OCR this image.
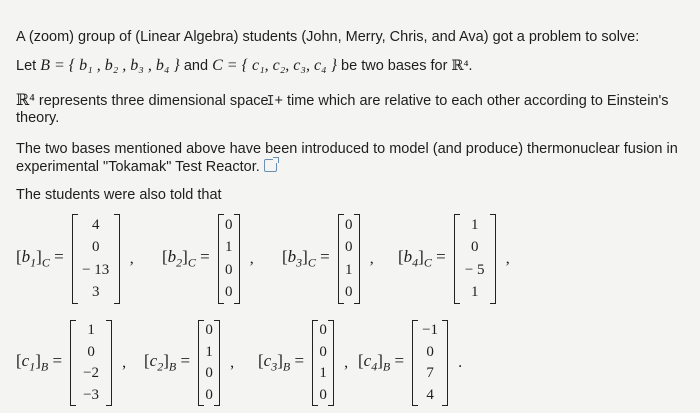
A (zoom) group of (Linear Algebra) students (John, Merry, Chris, and Ava) got a problem to solve:
Let B = { b₁ , b₂ , b₃ , b₄ } and C = { c₁, c₂, c₃, c₄ } be two bases for ℝ⁴.
ℝ⁴ represents three dimensional spaceI+ time which are relative to each other according to Einstein's
theory.
The two bases mentioned above have been introduced to model (and produce) thermonuclear fusion in
experimental "Tokamak" Test Reactor.
The students were also told that
$[b_1]_C$ =
4
0
− 13
3
, $[b_2]_C$ =
0
1
0
0
, $[b_3]_C$ =
0
0
1
0
, $[b_4]_C$ =
1
0
− 5
1
,
$[c_1]_B$ =
1
0
−2
−3
, $[c_2]_B$ =
0
1
0
0
, $[c_3]_B$ =
0
0
1
0
, $[c_4]_B$ =
−1
0
7
4
.
